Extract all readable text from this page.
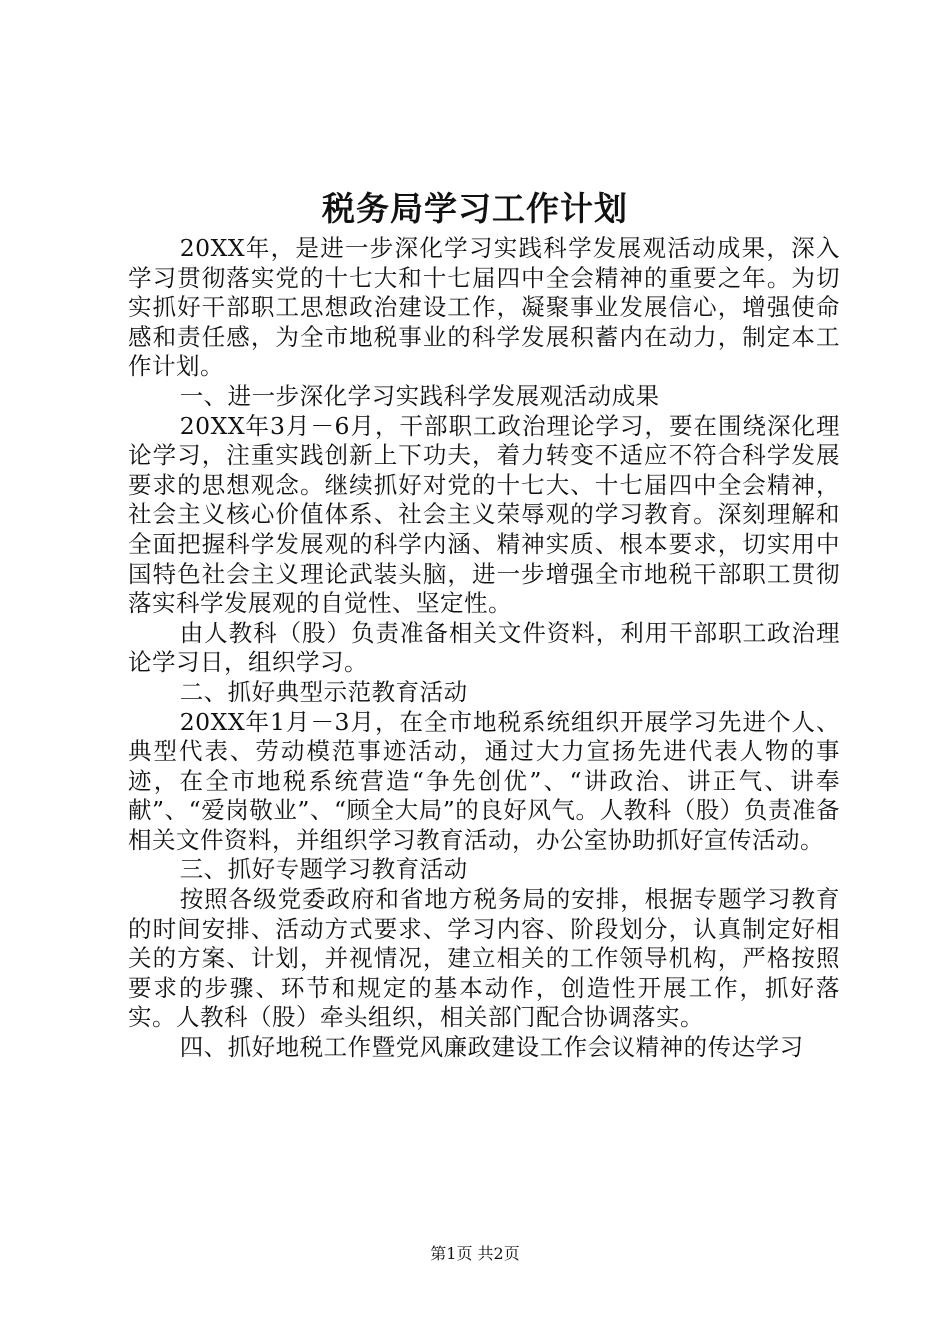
税务局学习工作计划

20XX年，是进一步深化学习实践科学发展观活动成果，深入学习贯彻落实党的十七大和十七届四中全会精神的重要之年。为切实抓好干部职工思想政治建设工作，凝聚事业发展信心，增强使命感和责任感，为全市地税事业的科学发展积蓄内在动力，制定本工作计划。

一、进一步深化学习实践科学发展观活动成果

20XX年3月－6月，干部职工政治理论学习，要在围绕深化理论学习，注重实践创新上下功夫，着力转变不适应不符合科学发展要求的思想观念。继续抓好对党的十七大、十七届四中全会精神，社会主义核心价值体系、社会主义荣辱观的学习教育。深刻理解和全面把握科学发展观的科学内涵、精神实质、根本要求，切实用中国特色社会主义理论武装头脑，进一步增强全市地税干部职工贯彻落实科学发展观的自觉性、坚定性。

由人教科（股）负责准备相关文件资料，利用干部职工政治理论学习日，组织学习。

二、抓好典型示范教育活动

20XX年1月－3月，在全市地税系统组织开展学习先进个人、典型代表、劳动模范事迹活动，通过大力宣扬先进代表人物的事迹，在全市地税系统营造“争先创优”、“讲政治、讲正气、讲奉献”、“爱岗敬业”、“顾全大局”的良好风气。人教科（股）负责准备相关文件资料，并组织学习教育活动，办公室协助抓好宣传活动。

三、抓好专题学习教育活动

按照各级党委政府和省地方税务局的安排，根据专题学习教育的时间安排、活动方式要求、学习内容、阶段划分，认真制定好相关的方案、计划，并视情况，建立相关的工作领导机构，严格按照要求的步骤、环节和规定的基本动作，创造性开展工作，抓好落实。人教科（股）牵头组织，相关部门配合协调落实。

四、抓好地税工作暨党风廉政建设工作会议精神的传达学习

第1页 共2页
